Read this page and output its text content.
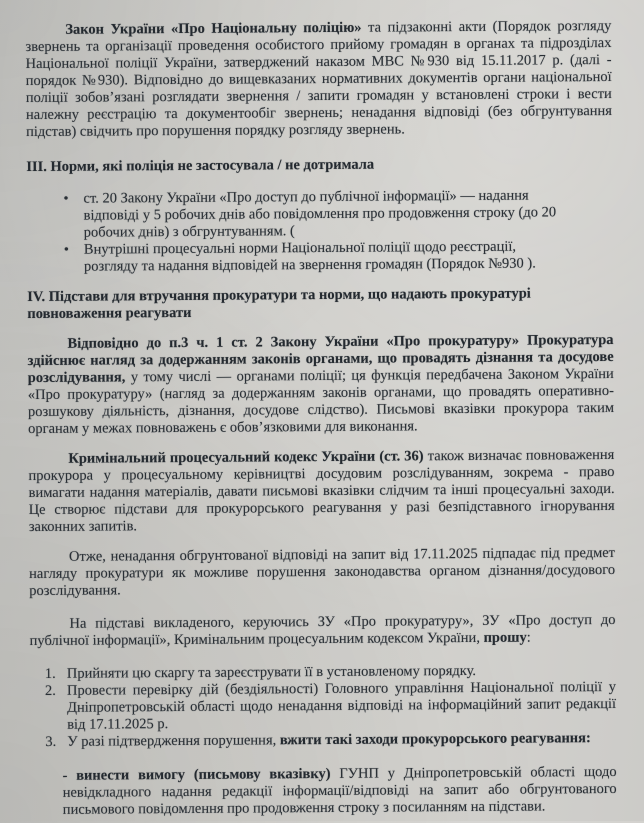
Закон України «Про Національну поліцію» та підзаконні акти (Порядок розгляду звернень та організації проведення особистого прийому громадян в органах та підрозділах Національної поліції України, затверджений наказом МВС №930 від 15.11.2017 р. (далі - порядок №930). Відповідно до вищевказаних нормативних документів органи національної поліції зобов’язані розглядати звернення / запити громадян у встановлені строки і вести належну реєстрацію та документообіг звернень; ненадання відповіді (без обгрунтування підстав) свідчить про порушення порядку розгляду звернень.

III. Норми, які поліція не застосувала / не дотримала
•	ст. 20 Закону України «Про доступ до публічної інформації» — надання відповіді у 5 робочих днів або повідомлення про продовження строку (до 20 робочих днів) з обгрунтуванням. (
•	Внутрішні процесуальні норми Національної поліції щодо реєстрації, розгляду та надання відповідей на звернення громадян (Порядок №930 ).
IV. Підстави для втручання прокуратури та норми, що надають прокуратурі повноваження реагувати

Відповідно до п.3 ч. 1 ст. 2 Закону України «Про прокуратуру» Прокуратура здійснює нагляд за додержанням законів органами, що провадять дізнання та досудове розслідування, у тому числі — органами поліції; ця функція передбачена Законом України «Про прокуратуру» (нагляд за додержанням законів органами, що провадять оперативно-розшукову діяльність, дізнання, досудове слідство). Письмові вказівки прокурора таким органам у межах повноважень є обов’язковими для виконання.

Кримінальний процесуальний кодекс України (ст. 36) також визначає повноваження прокурора у процесуальному керівництві досудовим розслідуванням, зокрема - право вимагати надання матеріалів, давати письмові вказівки слідчим та інші процесуальні заходи. Це створює підстави для прокурорського реагування у разі безпідставного ігнорування законних запитів.

Отже, ненадання обгрунтованої відповіді на запит від 17.11.2025 підпадає під предмет нагляду прокуратури як можливе порушення законодавства органом дізнання/досудового розслідування.

На підставі викладеного, керуючись ЗУ «Про прокуратуру», ЗУ «Про доступ до публічної інформації», Кримінальним процесуальним кодексом України, прошу:

1. Прийняти цю скаргу та зареєструвати її в установленому порядку.
2. Провести перевірку дій (бездіяльності) Головного управління Національної поліції у Дніпропетровській області щодо ненадання відповіді на інформаційний запит редакції від 17.11.2025 р.
3. У разі підтвердження порушення, вжити такі заходи прокурорського реагування:

- винести вимогу (письмову вказівку) ГУНП у Дніпропетровській області щодо невідкладного надання редакції інформації/відповіді на запит або обгрунтованого письмового повідомлення про продовження строку з посиланням на підстави.
